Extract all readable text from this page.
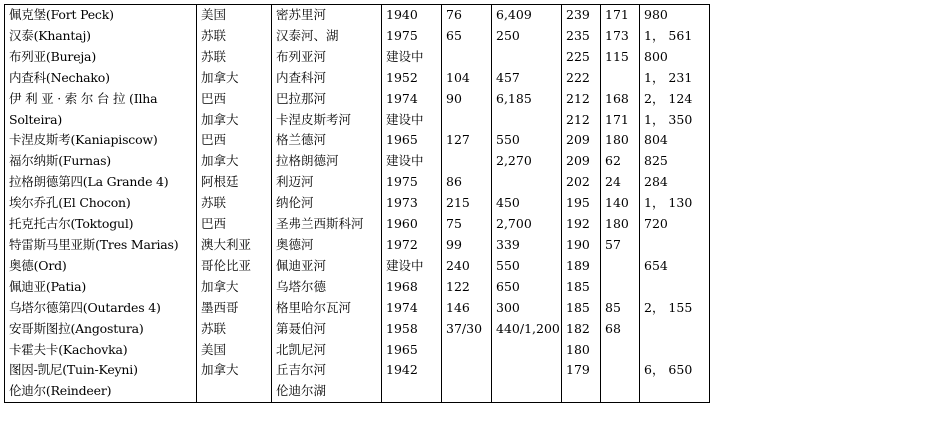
佩克堡(Fort Peck)	美国	密苏里河	1940	76	6,409	239	171	980
汉泰(Khantaj)	苏联	汉泰河、湖	1975	65	250	235	173	1， 561
布列亚(Bureja)	苏联	布列亚河	建设中			225	115	800
内查科(Nechako)	加拿大	内查科河	1952	104	457	222		1， 231
伊 利 亚 · 索 尔 台 拉 (Ilha	巴西	巴拉那河	1974	90	6,185	212	168	2， 124
Solteira)	加拿大	卡涅皮斯考河	建设中			212	171	1， 350
卡涅皮斯考(Kaniapiscow)	巴西	格兰德河	1965	127	550	209	180	804
福尔纳斯(Furnas)	加拿大	拉格朗德河	建设中		2,270	209	62	825
拉格朗德第四(La Grande 4)	阿根廷	利迈河	1975	86		202	24	284
埃尔乔孔(El Chocon)	苏联	纳伦河	1973	215	450	195	140	1， 130
托克托古尔(Toktogul)	巴西	圣弗兰西斯科河	1960	75	2,700	192	180	720
特雷斯马里亚斯(Tres Marias)	澳大利亚	奥德河	1972	99	339	190	57	
奥德(Ord)	哥伦比亚	佩迪亚河	建设中	240	550	189		654
佩迪亚(Patia)	加拿大	乌塔尔德	1968	122	650	185		
乌塔尔德第四(Outardes 4)	墨西哥	格里哈尔瓦河	1974	146	300	185	85	2， 155
安哥斯图拉(Angostura)	苏联	第聂伯河	1958	37/30	440/1,200	182	68	
卡霍夫卡(Kachovka)	美国	北凯尼河	1965			180		
图因-凯尼(Tuin-Keyni)	加拿大	丘吉尔河	1942			179		6， 650
伦迪尔(Reindeer)		伦迪尔湖						
